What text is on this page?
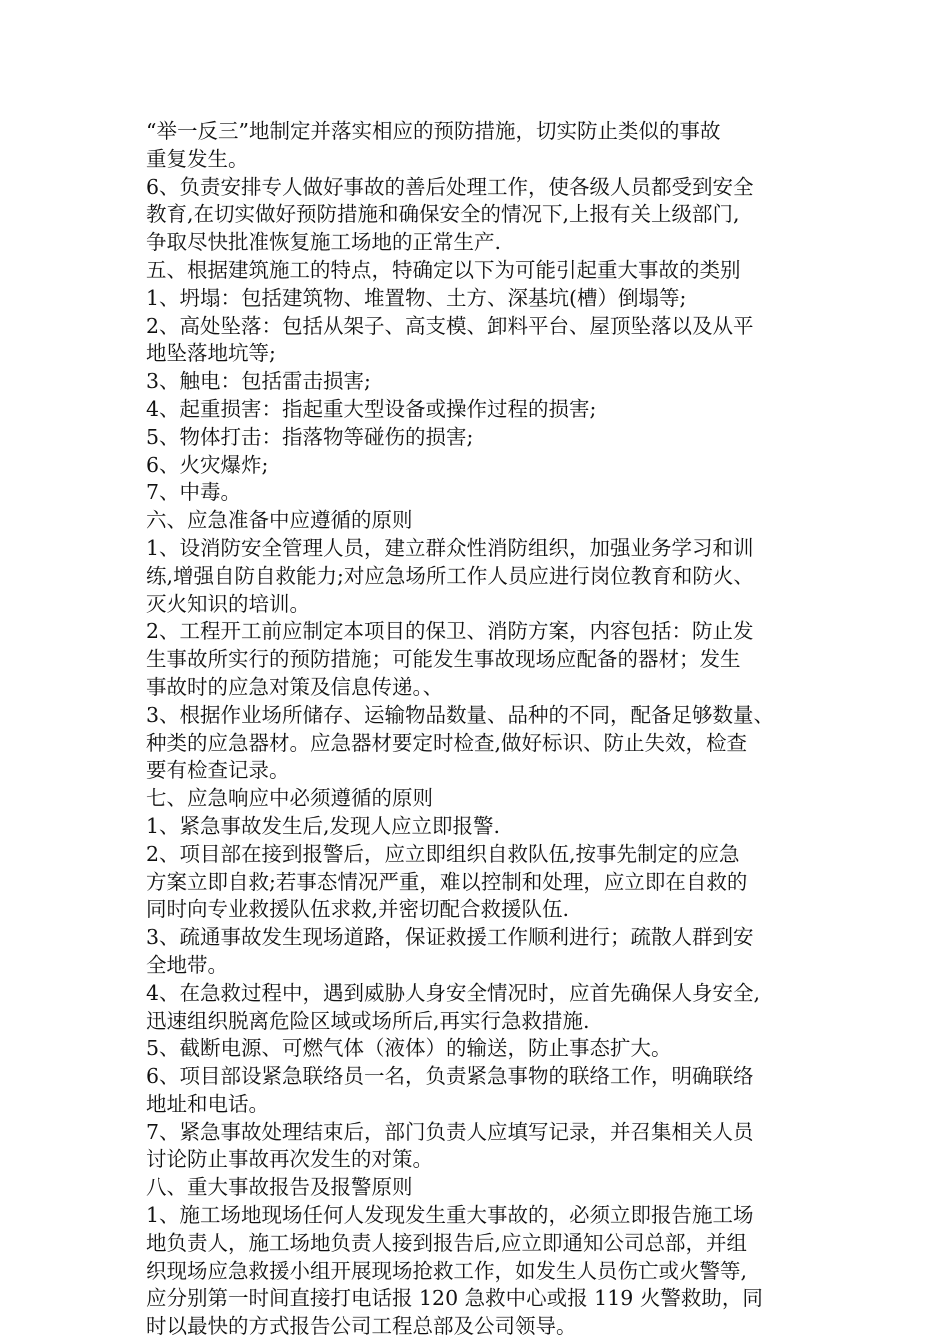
“举一反三”地制定并落实相应的预防措施，切实防止类似的事故
重复发生。
6、负责安排专人做好事故的善后处理工作，使各级人员都受到安全
教育,在切实做好预防措施和确保安全的情况下,上报有关上级部门,
争取尽快批准恢复施工场地的正常生产.
五、根据建筑施工的特点，特确定以下为可能引起重大事故的类别
1、坍塌：包括建筑物、堆置物、土方、深基坑(槽）倒塌等;
2、高处坠落：包括从架子、高支模、卸料平台、屋顶坠落以及从平
地坠落地坑等;
3、触电：包括雷击损害;
4、起重损害：指起重大型设备或操作过程的损害;
5、物体打击：指落物等碰伤的损害;
6、火灾爆炸;
7、中毒。
六、应急准备中应遵循的原则
1、设消防安全管理人员，建立群众性消防组织，加强业务学习和训
练,增强自防自救能力;对应急场所工作人员应进行岗位教育和防火、
灭火知识的培训。
2、工程开工前应制定本项目的保卫、消防方案，内容包括：防止发
生事故所实行的预防措施；可能发生事故现场应配备的器材；发生
事故时的应急对策及信息传递。、
3、根据作业场所储存、运输物品数量、品种的不同，配备足够数量、
种类的应急器材。应急器材要定时检查,做好标识、防止失效，检查
要有检查记录。
七、应急响应中必须遵循的原则
1、紧急事故发生后,发现人应立即报警.
2、项目部在接到报警后，应立即组织自救队伍,按事先制定的应急
方案立即自救;若事态情况严重，难以控制和处理，应立即在自救的
同时向专业救援队伍求救,并密切配合救援队伍.
3、疏通事故发生现场道路，保证救援工作顺利进行；疏散人群到安
全地带。
4、在急救过程中，遇到威胁人身安全情况时，应首先确保人身安全,
迅速组织脱离危险区域或场所后,再实行急救措施.
5、截断电源、可燃气体（液体）的输送，防止事态扩大。
6、项目部设紧急联络员一名，负责紧急事物的联络工作，明确联络
地址和电话。
7、紧急事故处理结束后，部门负责人应填写记录，并召集相关人员
讨论防止事故再次发生的对策。
八、重大事故报告及报警原则
1、施工场地现场任何人发现发生重大事故的，必须立即报告施工场
地负责人，施工场地负责人接到报告后,应立即通知公司总部，并组
织现场应急救援小组开展现场抢救工作，如发生人员伤亡或火警等,
应分别第一时间直接打电话报 120 急救中心或报 119 火警救助，同
时以最快的方式报告公司工程总部及公司领导。
